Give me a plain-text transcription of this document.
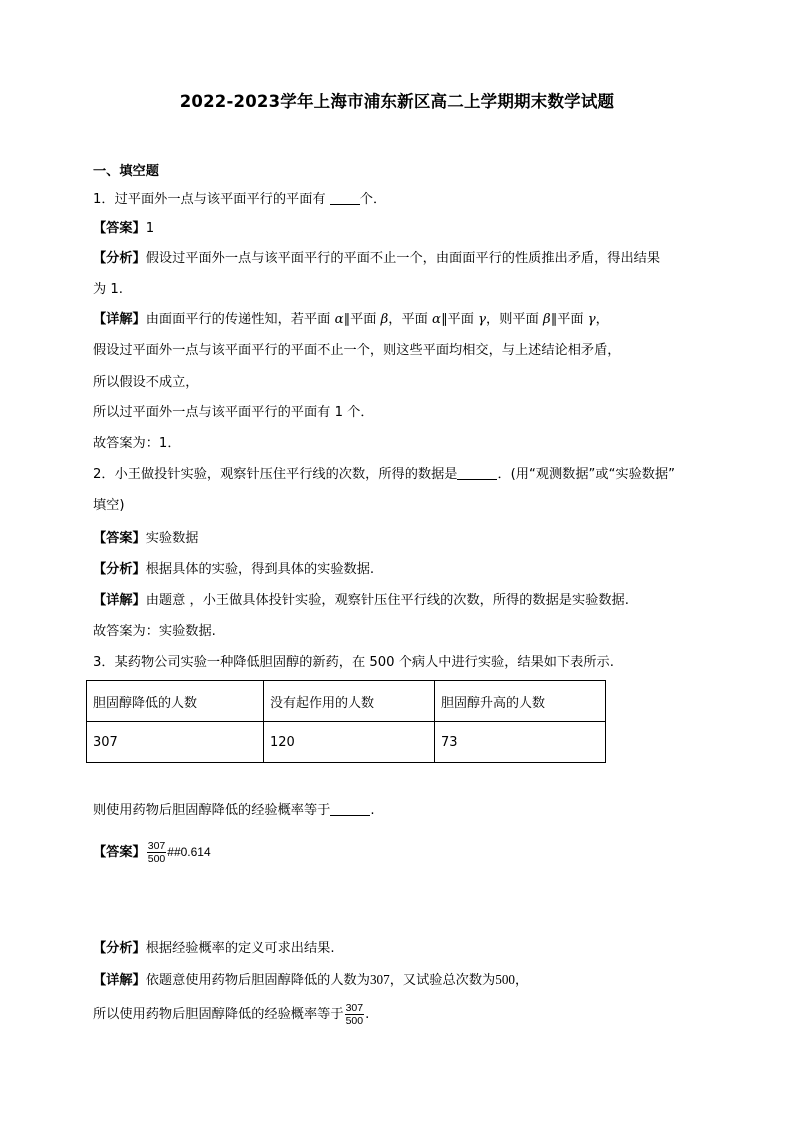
2022-2023学年上海市浦东新区高二上学期期末数学试题
一、填空题
1．过平面外一点与该平面平行的平面有 个．
【答案】1
【分析】假设过平面外一点与该平面平行的平面不止一个，由面面平行的性质推出矛盾，得出结果
为 1.
【详解】由面面平行的传递性知，若平面 α∥平面 β，平面 α∥平面 γ，则平面 β∥平面 γ，
假设过平面外一点与该平面平行的平面不止一个，则这些平面均相交，与上述结论相矛盾，
所以假设不成立，
所以过平面外一点与该平面平行的平面有 1 个．
故答案为：1．
2．小王做投针实验，观察针压住平行线的次数，所得的数据是	．(用“观测数据”或“实验数据”
填空)
【答案】实验数据
【分析】根据具体的实验，得到具体的实验数据.
【详解】由题意 ，小王做具体投针实验，观察针压住平行线的次数，所得的数据是实验数据.
故答案为：实验数据.
3．某药物公司实验一种降低胆固醇的新药，在 500 个病人中进行实验，结果如下表所示.
胆固醇降低的人数	没有起作用的人数	胆固醇升高的人数
307	120	73
则使用药物后胆固醇降低的经验概率等于	.
【答案】 $\frac{307}{500}$ ##0.614
【分析】根据经验概率的定义可求出结果.
【详解】依题意使用药物后胆固醇降低的人数为307，又试验总次数为500，
所以使用药物后胆固醇降低的经验概率等于 $\frac{307}{500}$ .
